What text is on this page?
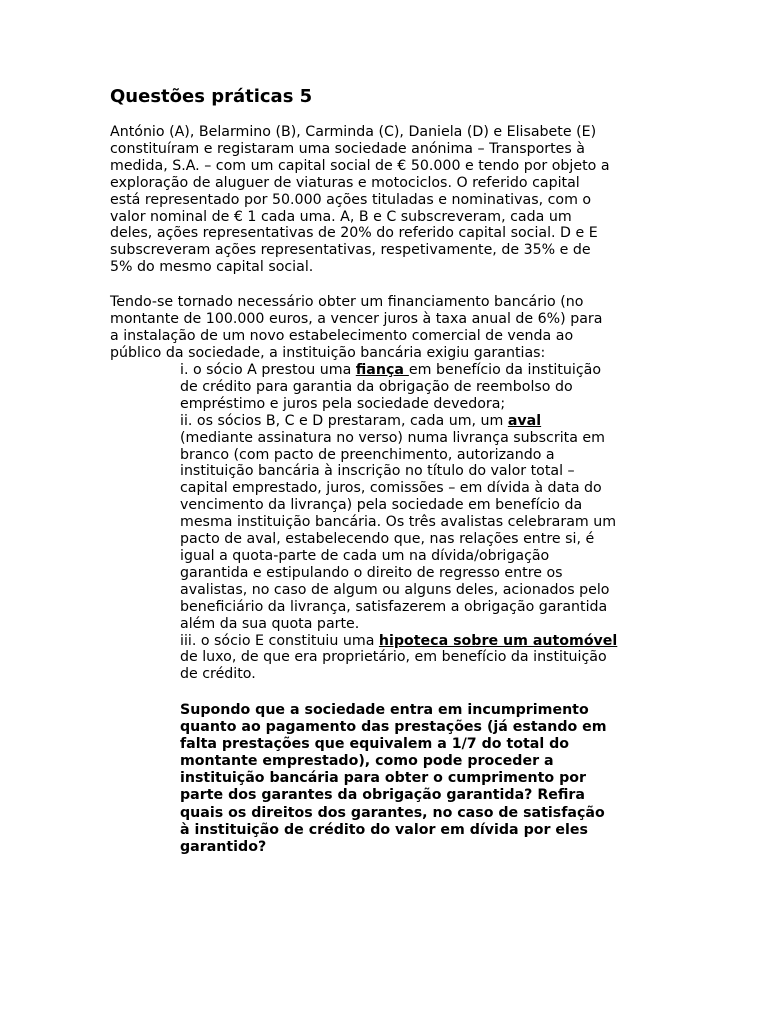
Questões práticas 5

António (A), Belarmino (B), Carminda (C), Daniela (D) e Elisabete (E)
constituíram e registaram uma sociedade anónima – Transportes à
medida, S.A. – com um capital social de € 50.000 e tendo por objeto a
exploração de aluguer de viaturas e motociclos. O referido capital
está representado por 50.000 ações tituladas e nominativas, com o
valor nominal de € 1 cada uma. A, B e C subscreveram, cada um
deles, ações representativas de 20% do referido capital social. D e E
subscreveram ações representativas, respetivamente, de 35% e de
5% do mesmo capital social.

Tendo-se tornado necessário obter um financiamento bancário (no
montante de 100.000 euros, a vencer juros à taxa anual de 6%) para
a instalação de um novo estabelecimento comercial de venda ao
público da sociedade, a instituição bancária exigiu garantias:

i. o sócio A prestou uma fiança em benefício da instituição
de crédito para garantia da obrigação de reembolso do
empréstimo e juros pela sociedade devedora;
ii. os sócios B, C e D prestaram, cada um, um aval
(mediante assinatura no verso) numa livrança subscrita em
branco (com pacto de preenchimento, autorizando a
instituição bancária à inscrição no título do valor total –
capital emprestado, juros, comissões – em dívida à data do
vencimento da livrança) pela sociedade em benefício da
mesma instituição bancária. Os três avalistas celebraram um
pacto de aval, estabelecendo que, nas relações entre si, é
igual a quota-parte de cada um na dívida/obrigação
garantida e estipulando o direito de regresso entre os
avalistas, no caso de algum ou alguns deles, acionados pelo
beneficiário da livrança, satisfazerem a obrigação garantida
além da sua quota parte.
iii. o sócio E constituiu uma hipoteca sobre um automóvel
de luxo, de que era proprietário, em benefício da instituição
de crédito.

Supondo que a sociedade entra em incumprimento
quanto ao pagamento das prestações (já estando em
falta prestações que equivalem a 1/7 do total do
montante emprestado), como pode proceder a
instituição bancária para obter o cumprimento por
parte dos garantes da obrigação garantida? Refira
quais os direitos dos garantes, no caso de satisfação
à instituição de crédito do valor em dívida por eles
garantido?
